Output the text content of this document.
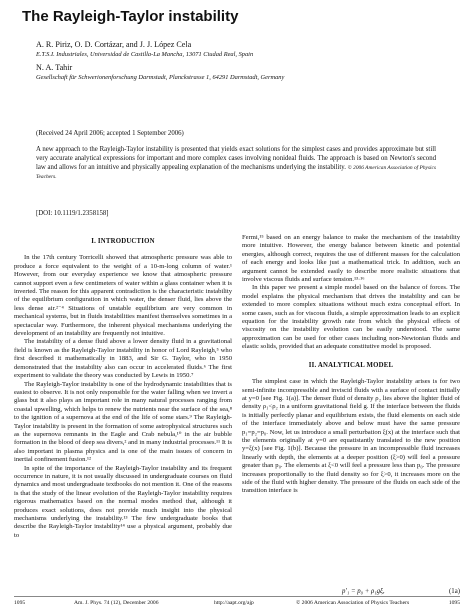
The Rayleigh-Taylor instability

A. R. Piriz, O. D. Cortázar, and J. J. López Cela

E.T.S.I. Industriales, Universidad de Castilla-La Mancha, 13071 Ciudad Real, Spain

N. A. Tahir

Gesellschaft für Schwerionenforschung Darmstadt, Planckstrasse 1, 64291 Darmstadt, Germany

(Received 24 April 2006; accepted 1 September 2006)

A new approach to the Rayleigh-Taylor instability is presented that yields exact solutions for the simplest cases and provides approximate but still very accurate analytical expressions for important and more complex cases involving nonideal fluids. The approach is based on Newton's second law and allows for an intuitive and physically appealing explanation of the mechanisms underlying the instability. © 2006 American Association of Physics Teachers.

[DOI: 10.1119/1.2358158]

I. INTRODUCTION

In the 17th century Torricelli showed that atmospheric pressure was able to produce a force equivalent to the weight of a 10-m-long column of water.¹ However, from our everyday experience we know that atmospheric pressure cannot support even a few centimeters of water within a glass container when it is inverted. The reason for this apparent contradiction is the characteristic instability of the equilibrium configuration in which water, the denser fluid, lies above the less dense air.²⁻⁴ Situations of unstable equilibrium are very common in mechanical systems, but in fluids instabilities manifest themselves sometimes in a spectacular way. Furthermore, the inherent physical mechanisms underlying the development of an instability are frequently not intuitive.

The instability of a dense fluid above a lower density fluid in a gravitational field is known as the Rayleigh-Taylor instability in honor of Lord Rayleigh,⁵ who first described it mathematically in 1883, and Sir G. Taylor, who in 1950 demonstrated that the instability also can occur in accelerated fluids.⁶ The first experiment to validate the theory was conducted by Lewis in 1950.⁷

The Rayleigh-Taylor instability is one of the hydrodynamic instabilities that is easiest to observe. It is not only responsible for the water falling when we invert a glass but it also plays an important role in many natural processes ranging from coastal upwelling, which helps to renew the nutrients near the surface of the sea,⁸ to the ignition of a supernova at the end of the life of some stars.⁹ The Rayleigh-Taylor instability is present in the formation of some astrophysical structures such as the supernova remnants in the Eagle and Crab nebula,¹⁰ in the air bubble formation in the blood of deep sea divers,² and in many industrial processes.¹¹ It is also important in plasma physics and is one of the main issues of concern in inertial confinement fusion.¹²

In spite of the importance of the Rayleigh-Taylor instability and its frequent occurrence in nature, it is not usually discussed in undergraduate courses on fluid dynamics and most undergraduate textbooks do not mention it. One of the reasons is that the study of the linear evolution of the Rayleigh-Taylor instability requires rigorous mathematics based on the normal modes method that, although it produces exact solutions, does not provide much insight into the physical mechanisms underlying the instability.¹³ The few undergraduate books that describe the Rayleigh-Taylor instability¹⁴ use a physical argument, probably due to

Fermi,¹⁵ based on an energy balance to make the mechanism of the instability more intuitive. However, the energy balance between kinetic and potential energies, although correct, requires the use of different masses for the calculation of each energy and looks like just a mathematical trick. In addition, such an argument cannot be extended easily to describe more realistic situations that involve viscous fluids and surface tension.¹³·¹⁶

In this paper we present a simple model based on the balance of forces. The model explains the physical mechanism that drives the instability and can be extended to more complex situations without much extra conceptual effort. In some cases, such as for viscous fluids, a simple approximation leads to an explicit equation for the instability growth rate from which the physical effects of viscosity on the instability evolution can be easily understood. The same approximation can be used for other cases including non-Newtonian fluids and elastic solids, provided that an adequate constitutive model is proposed.

II. ANALYTICAL MODEL

The simplest case in which the Rayleigh-Taylor instability arises is for two semi-infinite incompressible and inviscid fluids with a surface of contact initially at y=0 [see Fig. 1(a)]. The denser fluid of density ρ₂ lies above the lighter fluid of density ρ₁<ρ₂ in a uniform gravitational field g. If the interface between the fluids is initially perfectly planar and equilibrium exists, the fluid elements on each side of the interface immediately above and below must have the same pressure p₁=p₂=p₀. Now, let us introduce a small perturbation ξ(x) at the interface such that the elements originally at y=0 are equatistantly translated to the new position y=ξ(x) [see Fig. 1(b)]. Because the pressure in an incompressible fluid increases linearly with depth, the elements at a deeper position (ξ>0) will feel a pressure greater than p₀. The elements at ξ<0 will feel a pressure less than p₀. The pressure increases proportionally to the fluid density so for ξ>0, it increases more on the side of the fluid with higher density. The pressure of the fluids on each side of the transition interface is

p′₁ = p₀ + ρ₁gξ,	(1a)
1095	Am. J. Phys. 74 (12), December 2006	http://aapt.org/ajp	© 2006 American Association of Physics Teachers	1095
